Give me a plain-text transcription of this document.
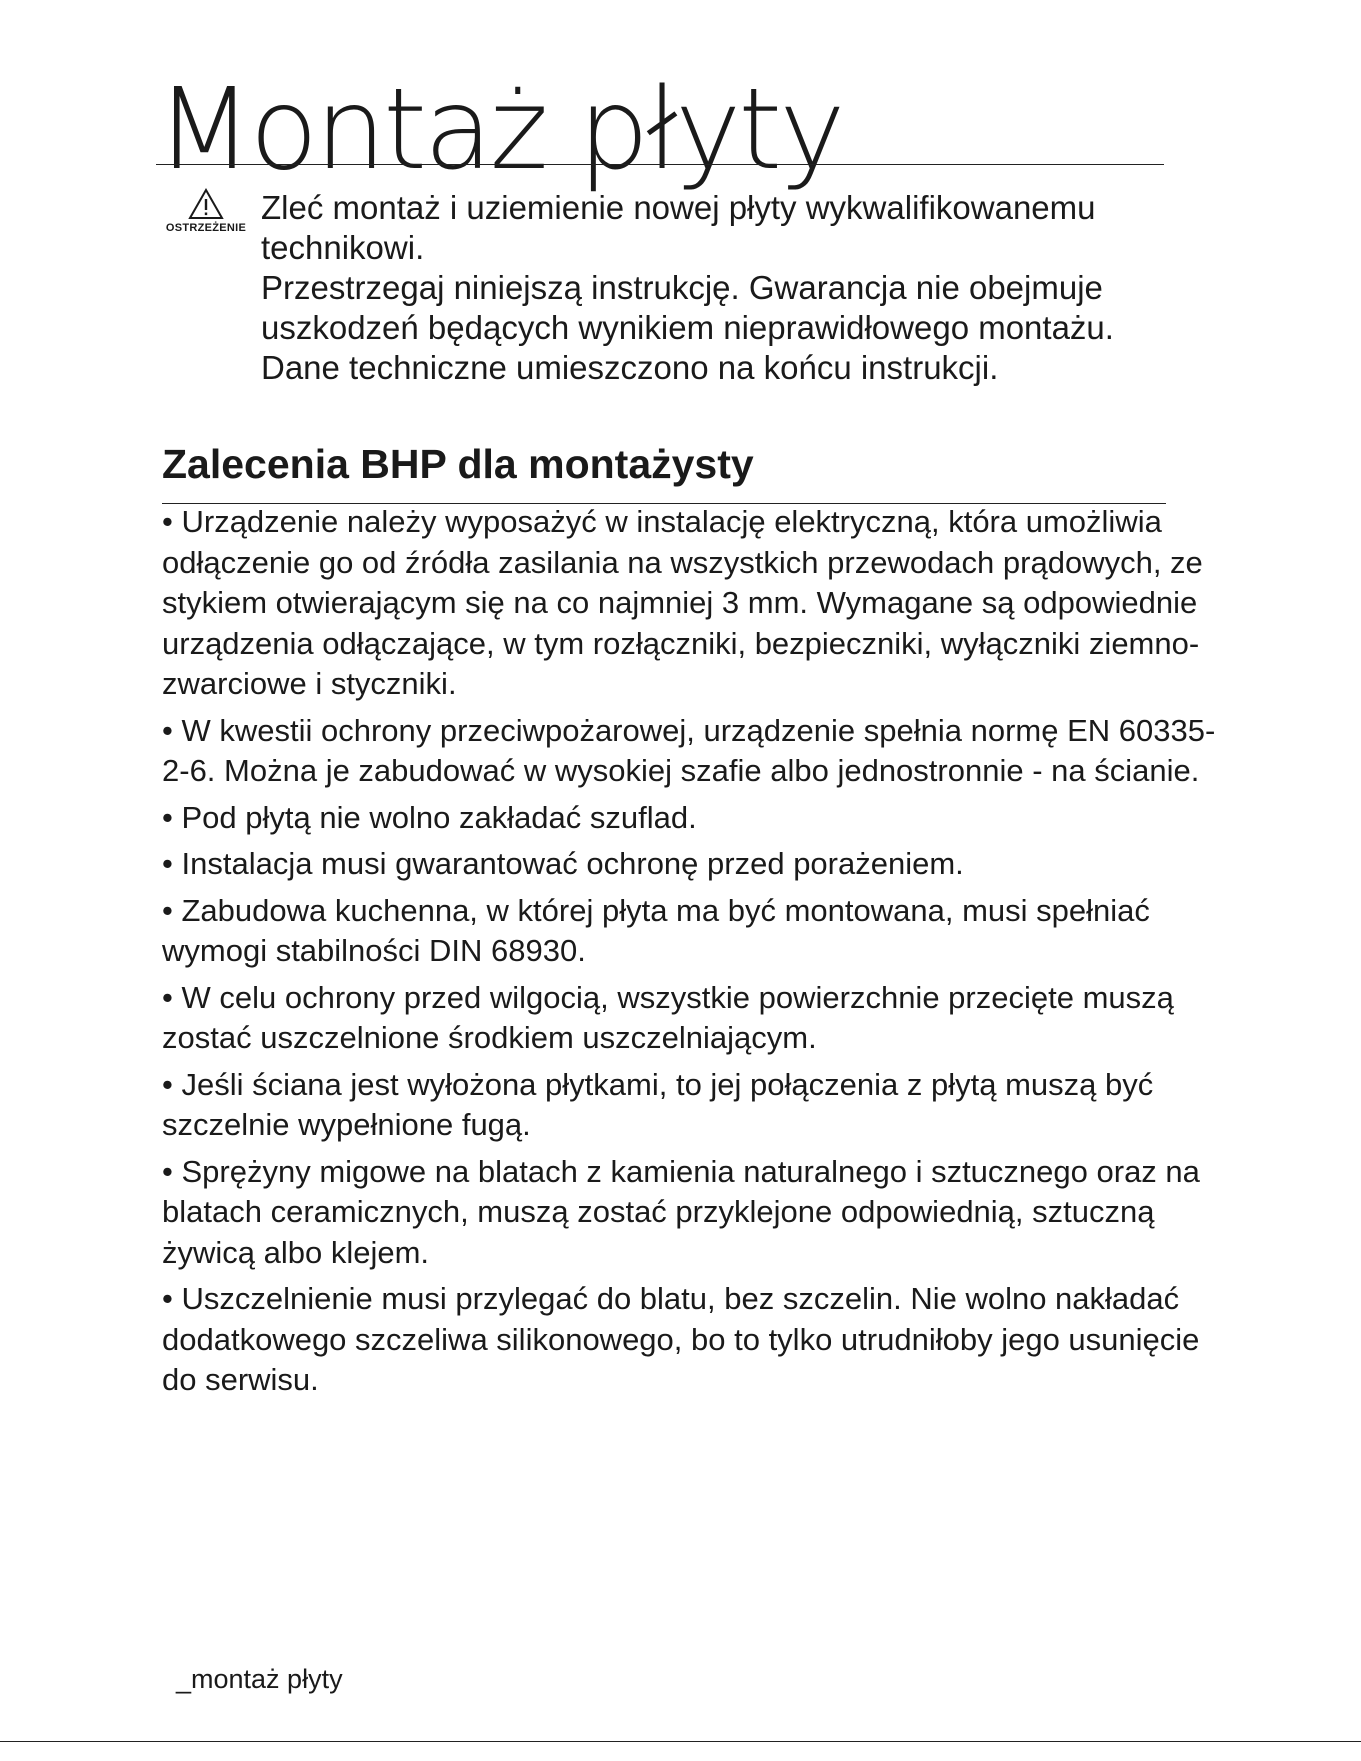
Montaż płyty
OSTRZEŻENIE

Zleć montaż i uziemienie nowej płyty wykwalifikowanemu technikowi.

Przestrzegaj niniejszą instrukcję. Gwarancja nie obejmuje uszkodzeń będących wynikiem nieprawidłowego montażu.

Dane techniczne umieszczono na końcu instrukcji.

Zalecenia BHP dla montażysty
• Urządzenie należy wyposażyć w instalację elektryczną, która umożliwia odłączenie go od źródła zasilania na wszystkich przewodach prądowych, ze stykiem otwierającym się na co najmniej 3 mm. Wymagane są odpowiednie urządzenia odłączające, w tym rozłączniki, bezpieczniki, wyłączniki ziemno-zwarciowe i styczniki.
• W kwestii ochrony przeciwpożarowej, urządzenie spełnia normę EN 60335-2-6. Można je zabudować w wysokiej szafie albo jednostronnie - na ścianie.
• Pod płytą nie wolno zakładać szuflad.
• Instalacja musi gwarantować ochronę przed porażeniem.
• Zabudowa kuchenna, w której płyta ma być montowana, musi spełniać wymogi stabilności DIN 68930.
• W celu ochrony przed wilgocią, wszystkie powierzchnie przecięte muszą zostać uszczelnione środkiem uszczelniającym.
• Jeśli ściana jest wyłożona płytkami, to jej połączenia z płytą muszą być szczelnie wypełnione fugą.
• Sprężyny migowe na blatach z kamienia naturalnego i sztucznego oraz na blatach ceramicznych, muszą zostać przyklejone odpowiednią, sztuczną żywicą albo klejem.
• Uszczelnienie musi przylegać do blatu, bez szczelin. Nie wolno nakładać dodatkowego szczeliwa silikonowego, bo to tylko utrudniłoby jego usunięcie do serwisu.
_montaż płyty
